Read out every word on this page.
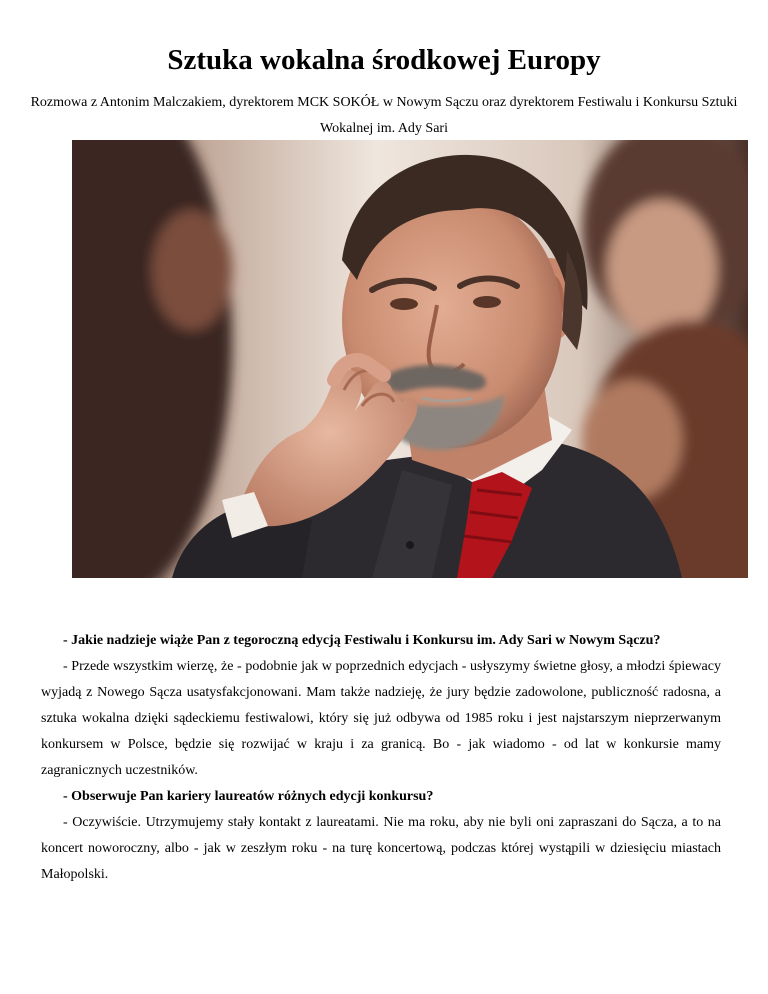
Sztuka wokalna środkowej Europy

Rozmowa z Antonim Malczakiem, dyrektorem MCK SOKÓŁ w Nowym Sączu oraz dyrektorem Festiwalu i Konkursu Sztuki Wokalnej im. Ady Sari

- Jakie nadzieje wiąże Pan z tegoroczną edycją Festiwalu i Konkursu im. Ady Sari w Nowym Sączu?

- Przede wszystkim wierzę, że - podobnie jak w poprzednich edycjach - usłyszymy świetne głosy, a młodzi śpiewacy wyjadą z Nowego Sącza usatysfakcjonowani. Mam także nadzieję, że jury będzie zadowolone, publiczność radosna, a sztuka wokalna dzięki sądeckiemu festiwalowi, który się już odbywa od 1985 roku i jest najstarszym nieprzerwanym konkursem w Polsce, będzie się rozwijać w kraju i za granicą. Bo - jak wiadomo - od lat w konkursie mamy zagranicznych uczestników.

- Obserwuje Pan kariery laureatów różnych edycji konkursu?

- Oczywiście. Utrzymujemy stały kontakt z laureatami. Nie ma roku, aby nie byli oni zapraszani do Sącza, a to na koncert noworoczny, albo - jak w zeszłym roku - na turę koncertową, podczas której wystąpili w dziesięciu miastach Małopolski.
